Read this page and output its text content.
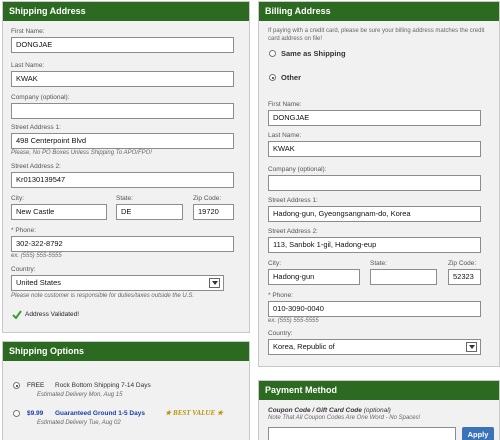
Shipping Address
First Name:
DONGJAE
Last Name:
KWAK
Company (optional):
Street Address 1:
498 Centerpoint Blvd
Please, No PO Boxes Unless Shipping To APO/FPO!
Street Address 2:
Kr0130139547
City:
New Castle
State:
DE
Zip Code:
19720
* Phone:
302-322-8792
ex. (555) 555-5555
Country:
United States
Please note customer is responsible for duties/taxes outside the U.S.
Address Validated!
Shipping Options
FREE Rock Bottom Shipping 7-14 Days
Estimated Delivery Mon, Aug 15
$9.99 Guaranteed Ground 1-5 Days	★ BEST VALUE ★
Estimated Delivery Tue, Aug 02
Billing Address
If paying with a credit card, please be sure your billing address matches the credit card address on file!
Same as Shipping
Other
First Name:
DONGJAE
Last Name:
KWAK
Company (optional):
Street Address 1:
Hadong-gun, Gyeongsangnam-do, Korea
Street Address 2:
113, Sanbok 1-gil, Hadong-eup
City:
Hadong-gun
State:	Zip Code:
52323
* Phone:
010-3090-0040
ex. (555) 555-5555
Country:
Korea, Republic of
Payment Method
Coupon Code / Gift Card Code (optional)
Note That All Coupon Codes Are One Word - No Spaces!
Apply
